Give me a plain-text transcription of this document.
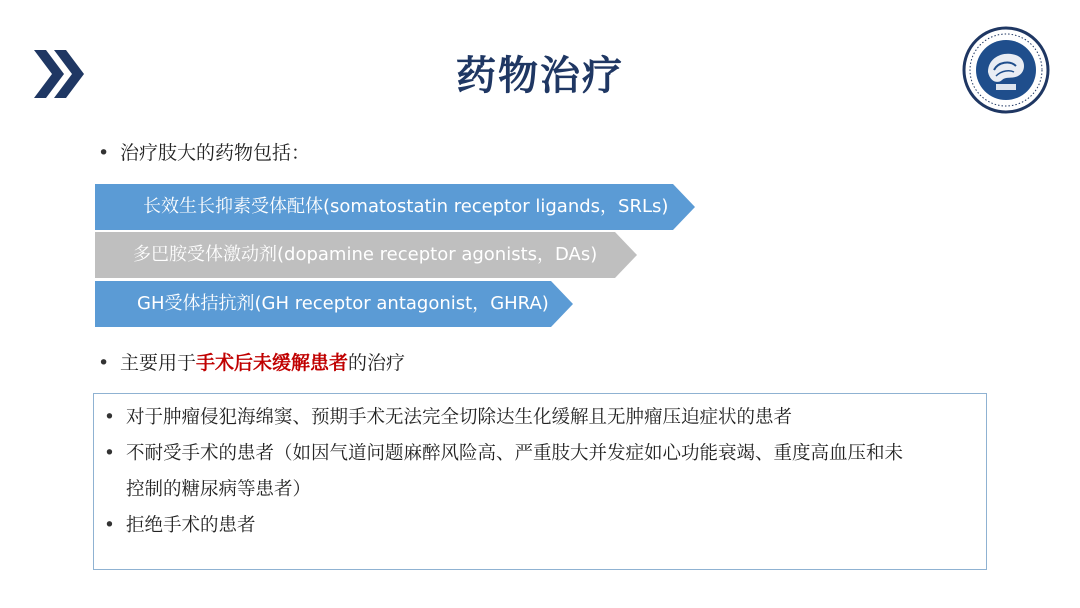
药物治疗
• 治疗肢大的药物包括：
长效生长抑素受体配体(somatostatin receptor ligands，SRLs)
多巴胺受体激动剂(dopamine receptor agonists，DAs)
GH受体拮抗剂(GH receptor antagonist，GHRA)
• 主要用于手术后未缓解患者的治疗
• 对于肿瘤侵犯海绵窦、预期手术无法完全切除达生化缓解且无肿瘤压迫症状的患者
• 不耐受手术的患者（如因气道问题麻醉风险高、严重肢大并发症如心功能衰竭、重度高血压和未
控制的糖尿病等患者）
• 拒绝手术的患者
